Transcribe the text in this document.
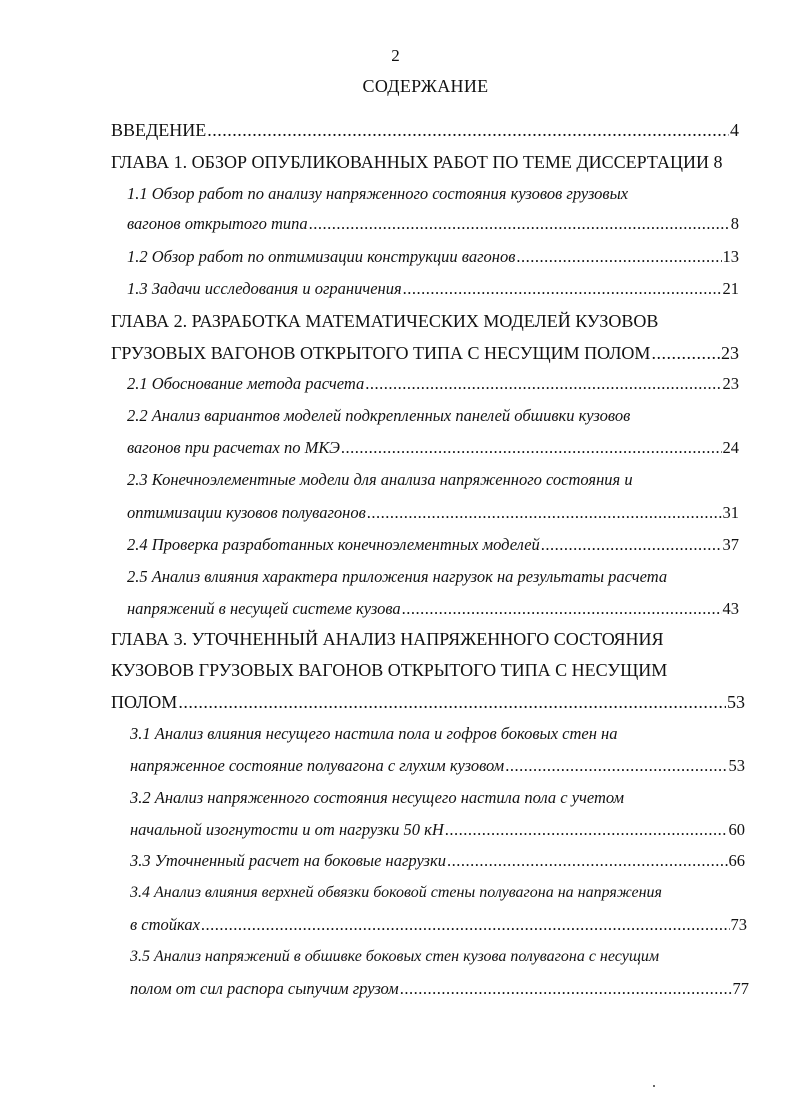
2
СОДЕРЖАНИЕ
ВВЕДЕНИЕ .....	4
ГЛАВА 1. ОБЗОР ОПУБЛИКОВАННЫХ РАБОТ ПО ТЕМЕ ДИССЕРТАЦИИ 8
1.1 Обзор работ по анализу напряженного состояния кузовов грузовых
вагонов открытого типа .....	8
1.2 Обзор работ по оптимизации конструкции вагонов .....	13
1.3 Задачи исследования и ограничения .....	21
ГЛАВА 2. РАЗРАБОТКА МАТЕМАТИЧЕСКИХ МОДЕЛЕЙ КУЗОВОВ
ГРУЗОВЫХ ВАГОНОВ ОТКРЫТОГО ТИПА С НЕСУЩИМ ПОЛОМ .....	23
2.1 Обоснование метода расчета .....	23
2.2 Анализ вариантов моделей подкрепленных панелей обшивки кузовов
вагонов при расчетах по МКЭ .....	24
2.3 Конечноэлементные модели для анализа напряженного состояния и
оптимизации кузовов полувагонов .....	31
2.4 Проверка разработанных конечноэлементных моделей .....	37
2.5 Анализ влияния характера приложения нагрузок на результаты расчета
напряжений в несущей системе кузова .....	43
ГЛАВА 3. УТОЧНЕННЫЙ АНАЛИЗ НАПРЯЖЕННОГО СОСТОЯНИЯ
КУЗОВОВ ГРУЗОВЫХ ВАГОНОВ ОТКРЫТОГО ТИПА С НЕСУЩИМ
ПОЛОМ .....	53
3.1 Анализ влияния несущего настила пола и гофров боковых стен на
напряженное состояние полувагона с глухим кузовом .....	53
3.2 Анализ напряженного состояния несущего настила пола с учетом
начальной изогнутости и от нагрузки 50 кН .....	60
3.3 Уточненный расчет на боковые нагрузки .....	66
3.4 Анализ влияния верхней обвязки боковой стены полувагона на напряжения
в стойках .....	73
3.5 Анализ напряжений в обшивке боковых стен кузова полувагона с несущим
полом от сил распора сыпучим грузом .....	77
